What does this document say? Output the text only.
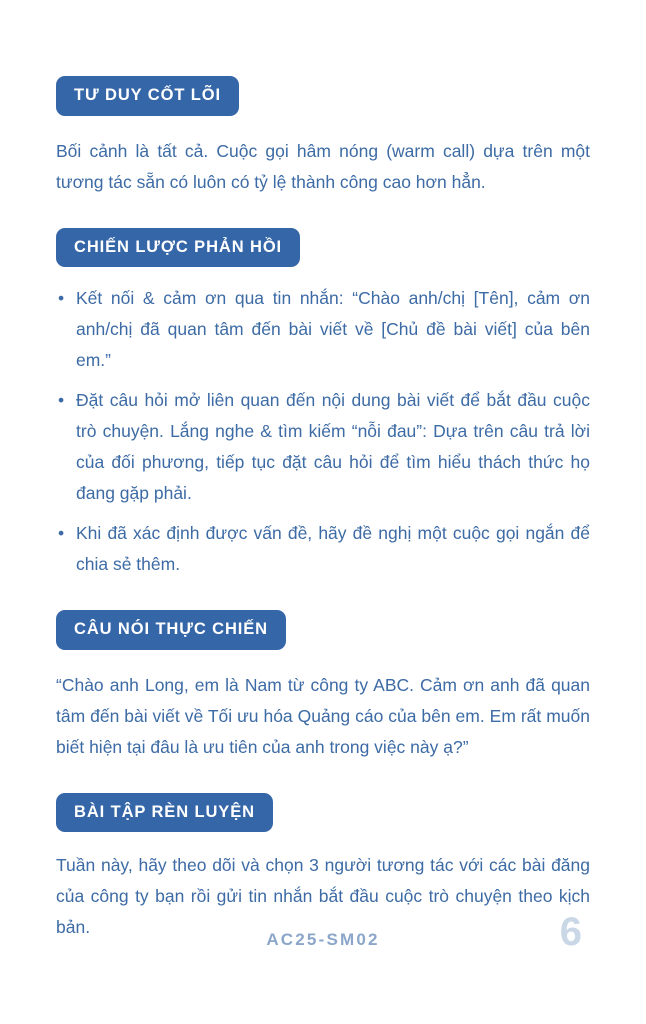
TƯ DUY CỐT LÕI

Bối cảnh là tất cả. Cuộc gọi hâm nóng (warm call) dựa trên một tương tác sẵn có luôn có tỷ lệ thành công cao hơn hẳn.

CHIẾN LƯỢC PHẢN HỒI
• Kết nối & cảm ơn qua tin nhắn: “Chào anh/chị [Tên], cảm ơn anh/chị đã quan tâm đến bài viết về [Chủ đề bài viết] của bên em.”
• Đặt câu hỏi mở liên quan đến nội dung bài viết để bắt đầu cuộc trò chuyện. Lắng nghe & tìm kiếm “nỗi đau”: Dựa trên câu trả lời của đối phương, tiếp tục đặt câu hỏi để tìm hiểu thách thức họ đang gặp phải.
• Khi đã xác định được vấn đề, hãy đề nghị một cuộc gọi ngắn để chia sẻ thêm.
CÂU NÓI THỰC CHIẾN

“Chào anh Long, em là Nam từ công ty ABC. Cảm ơn anh đã quan tâm đến bài viết về Tối ưu hóa Quảng cáo của bên em. Em rất muốn biết hiện tại đâu là ưu tiên của anh trong việc này ạ?”

BÀI TẬP RÈN LUYỆN

Tuần này, hãy theo dõi và chọn 3 người tương tác với các bài đăng của công ty bạn rồi gửi tin nhắn bắt đầu cuộc trò chuyện theo kịch bản.

AC25-SM02	6
